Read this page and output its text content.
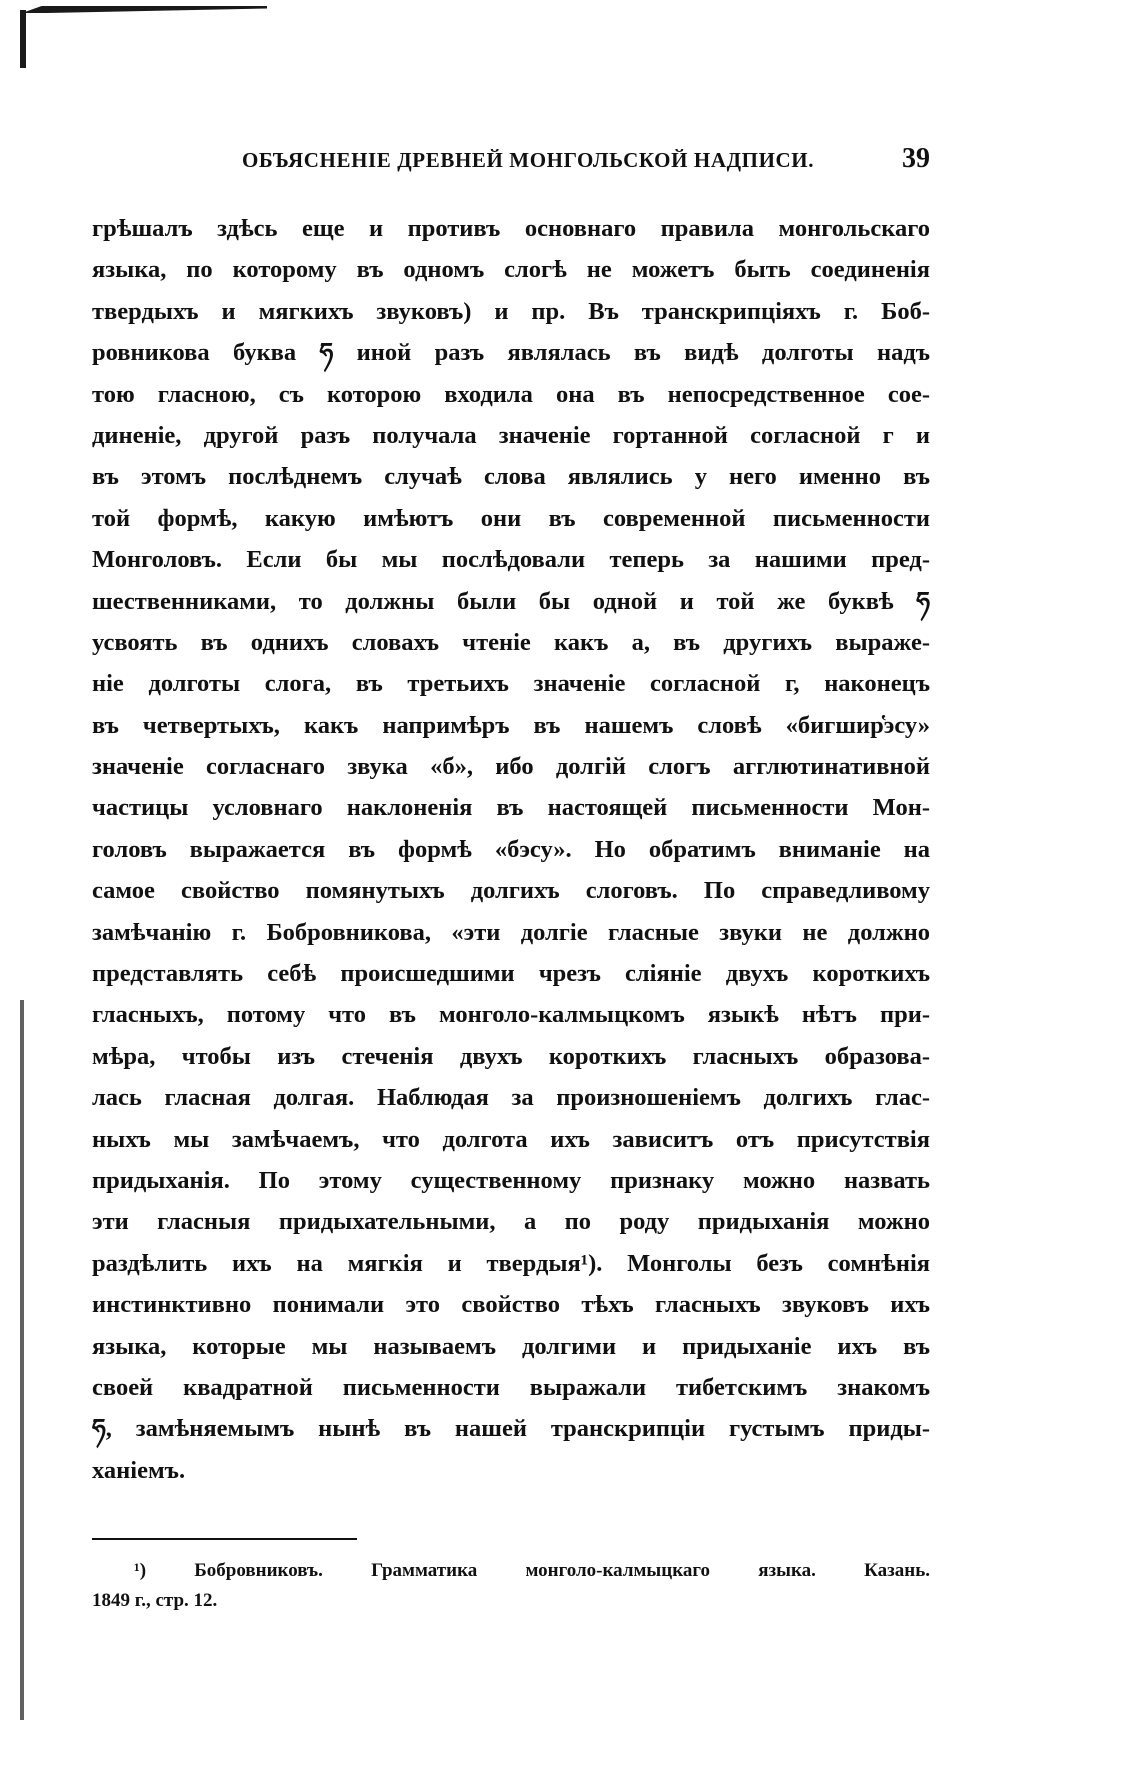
ОБЪЯСНЕНІЕ ДРЕВНЕЙ МОНГОЛЬСКОЙ НАДПИСИ.	39
грѣшалъ здѣсь еще и противъ основнаго правила монгольскаго
языка, по которому въ одномъ слогѣ не можетъ быть соединенія
твердыхъ и мягкихъ звуковъ) и пр. Въ транскрипціяхъ г. Боб-
ровникова буква ཧ иной разъ являлась въ видѣ долготы надъ
тою гласною, съ которою входила она въ непосредственное сое-
диненіе, другой разъ получала значеніе гортанной согласной г и
въ этомъ послѣднемъ случаѣ слова являлись у него именно въ
той формѣ, какую имѣютъ они въ современной письменности
Монголовъ. Если бы мы послѣдовали теперь за нашими пред-
шественниками, то должны были бы одной и той же буквѣ ཧ
усвоять въ однихъ словахъ чтеніе какъ а, въ другихъ выраже-
ніе долготы слога, въ третьихъ значеніе согласной г, наконецъ
въ четвертыхъ, какъ напримѣръ въ нашемъ словѣ «бигшир̔эсу»
значеніе согласнаго звука «б», ибо долгій слогъ агглютинативной
частицы условнаго наклоненія въ настоящей письменности Мон-
головъ выражается въ формѣ «бэсу». Но обратимъ вниманіе на
самое свойство помянутыхъ долгихъ слоговъ. По справедливому
замѣчанію г. Бобровникова, «эти долгіе гласные звуки не должно
представлять себѣ происшедшими чрезъ сліяніе двухъ короткихъ
гласныхъ, потому что въ монголо-калмыцкомъ языкѣ нѣтъ при-
мѣра, чтобы изъ стеченія двухъ короткихъ гласныхъ образова-
лась гласная долгая. Наблюдая за произношеніемъ долгихъ глас-
ныхъ мы замѣчаемъ, что долгота ихъ зависитъ отъ присутствія
придыханія. По этому существенному признаку можно назвать
эти гласныя придыхательными, а по роду придыханія можно
раздѣлить ихъ на мягкія и твердыя¹). Монголы безъ сомнѣнія
инстинктивно понимали это свойство тѣхъ гласныхъ звуковъ ихъ
языка, которые мы называемъ долгими и придыханіе ихъ въ
своей квадратной письменности выражали тибетскимъ знакомъ
ཧ, замѣняемымъ нынѣ въ нашей транскрипціи густымъ приды-
ханіемъ.
¹) Бобровниковъ. Грамматика монголо-калмыцкаго языка. Казань.
1849 г., стр. 12.
